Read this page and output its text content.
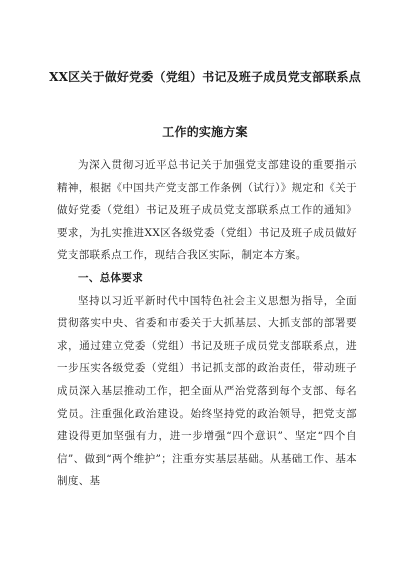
XX区关于做好党委（党组）书记及班子成员党支部联系点
工作的实施方案

为深入贯彻习近平总书记关于加强党支部建设的重要指示精神，根据《中国共产党支部工作条例（试行）》规定和《关于做好党委（党组）书记及班子成员党支部联系点工作的通知》要求，为扎实推进XX区各级党委（党组）书记及班子成员做好党支部联系点工作，现结合我区实际，制定本方案。

一、总体要求

坚持以习近平新时代中国特色社会主义思想为指导，全面贯彻落实中央、省委和市委关于大抓基层、大抓支部的部署要求，通过建立党委（党组）书记及班子成员党支部联系点，进一步压实各级党委（党组）书记抓支部的政治责任，带动班子成员深入基层推动工作，把全面从严治党落到每个支部、每名党员。注重强化政治建设。始终坚持党的政治领导，把党支部建设得更加坚强有力，进一步增强“四个意识”、坚定“四个自信”、做到“两个维护”；注重夯实基层基础。从基础工作、基本制度、基
